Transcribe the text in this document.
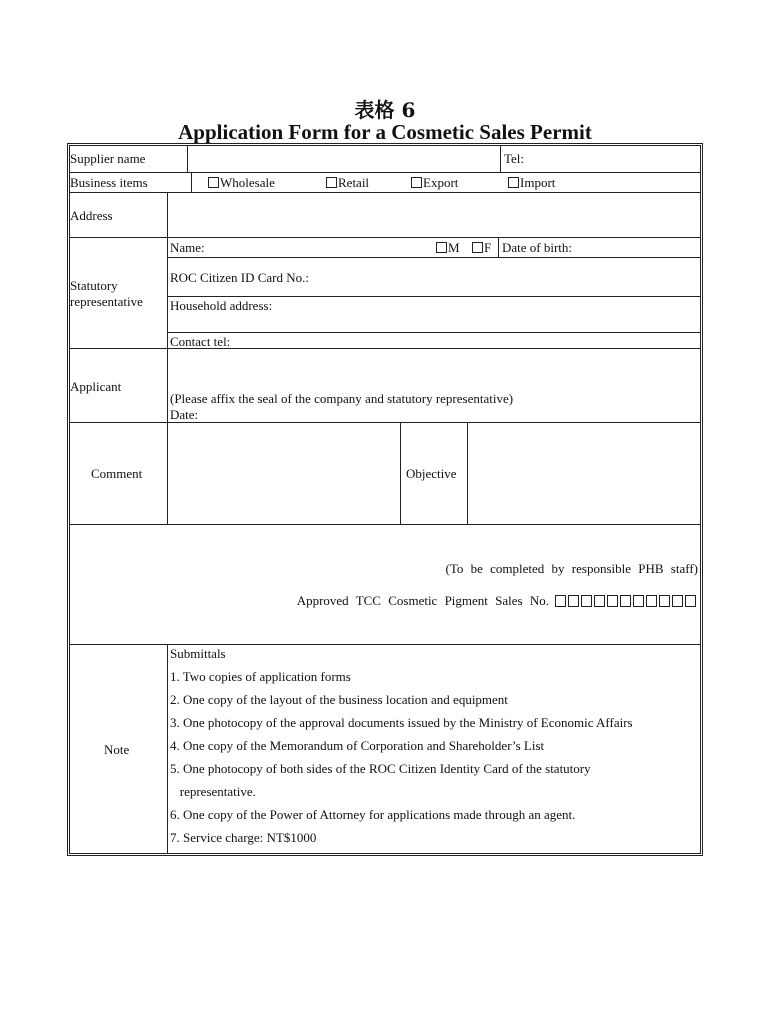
表格 6
Application Form for a Cosmetic Sales Permit
Supplier name	Tel:
Business items	Wholesale	Retail	Export	Import
Address
Statutory
representative
Name:	M	F Date of birth:
ROC Citizen ID Card No.:
Household address:
Contact tel:
Applicant
(Please affix the seal of the company and statutory representative)
Date:
Comment	Objective
(To be completed by responsible PHB staff)
Approved TCC Cosmetic Pigment Sales No.
Note
Submittals
1. Two copies of application forms
2. One copy of the layout of the business location and equipment
3. One photocopy of the approval documents issued by the Ministry of Economic Affairs
4. One copy of the Memorandum of Corporation and Shareholder’s List
5. One photocopy of both sides of the ROC Citizen Identity Card of the statutory
representative.
6. One copy of the Power of Attorney for applications made through an agent.
7. Service charge: NT$1000
